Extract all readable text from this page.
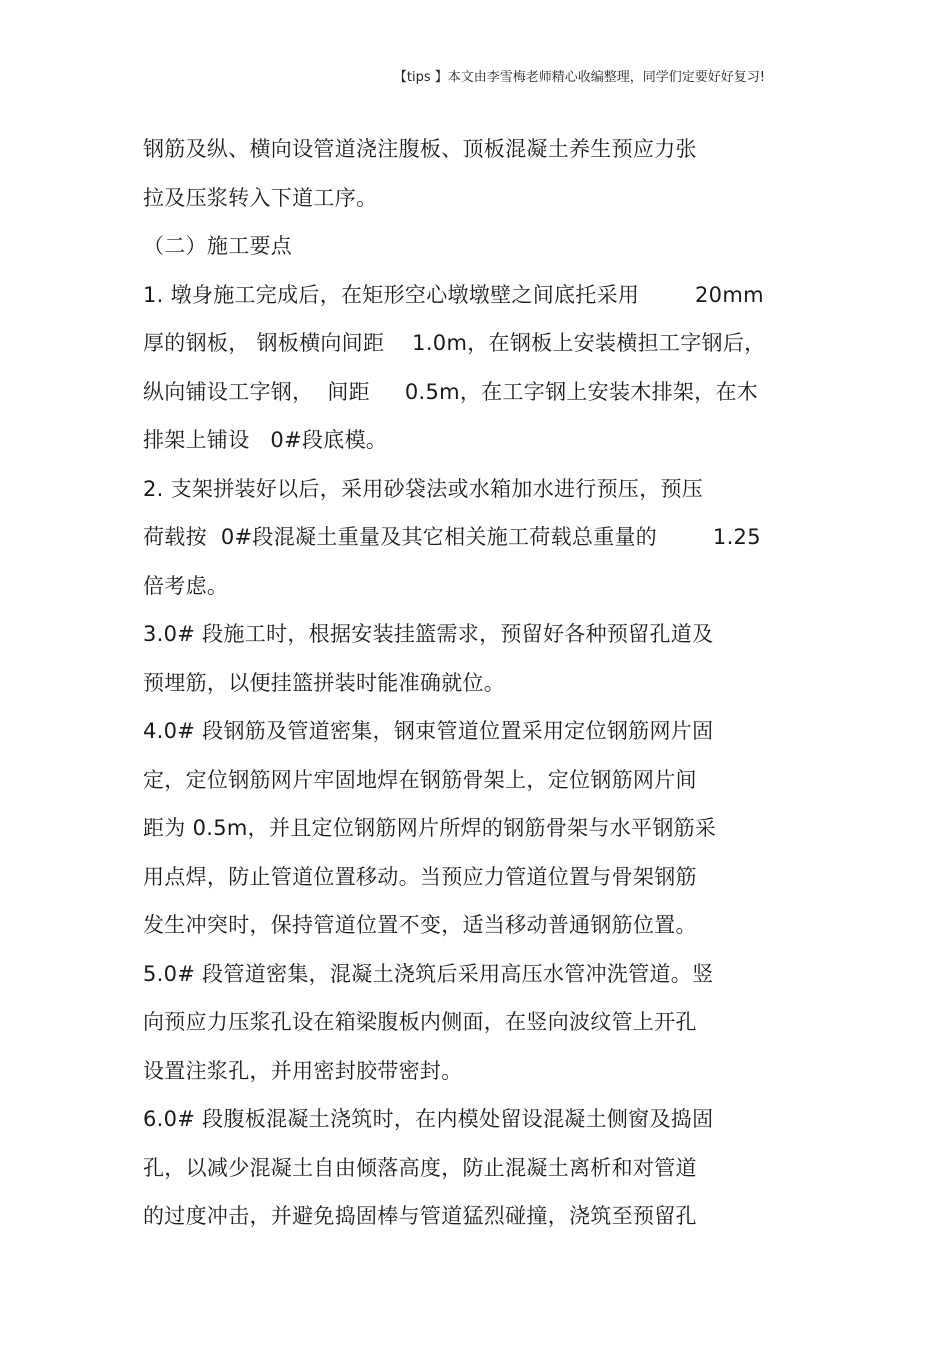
【tips 】本文由李雪梅老师精心收编整理，同学们定要好好复习!
钢筋及纵、横向设管道浇注腹板、顶板混凝土养生预应力张
拉及压浆转入下道工序。
（二）施工要点
1. 墩身施工完成后，在矩形空心墩墩壁之间底托采用        20mm
厚的钢板， 钢板横向间距    1.0m，在钢板上安装横担工字钢后，
纵向铺设工字钢，  间距     0.5m，在工字钢上安装木排架，在木
排架上铺设   0#段底模。
2. 支架拼装好以后，采用砂袋法或水箱加水进行预压，预压
荷载按  0#段混凝土重量及其它相关施工荷载总重量的        1.25
倍考虑。
3.0# 段施工时，根据安装挂篮需求，预留好各种预留孔道及
预埋筋，以便挂篮拼装时能准确就位。
4.0# 段钢筋及管道密集，钢束管道位置采用定位钢筋网片固
定，定位钢筋网片牢固地焊在钢筋骨架上，定位钢筋网片间
距为 0.5m，并且定位钢筋网片所焊的钢筋骨架与水平钢筋采
用点焊，防止管道位置移动。当预应力管道位置与骨架钢筋
发生冲突时，保持管道位置不变，适当移动普通钢筋位置。
5.0# 段管道密集，混凝土浇筑后采用高压水管冲洗管道。竖
向预应力压浆孔设在箱梁腹板内侧面，在竖向波纹管上开孔
设置注浆孔，并用密封胶带密封。
6.0# 段腹板混凝土浇筑时，在内模处留设混凝土侧窗及捣固
孔，以减少混凝土自由倾落高度，防止混凝土离析和对管道
的过度冲击，并避免捣固棒与管道猛烈碰撞，浇筑至预留孔
